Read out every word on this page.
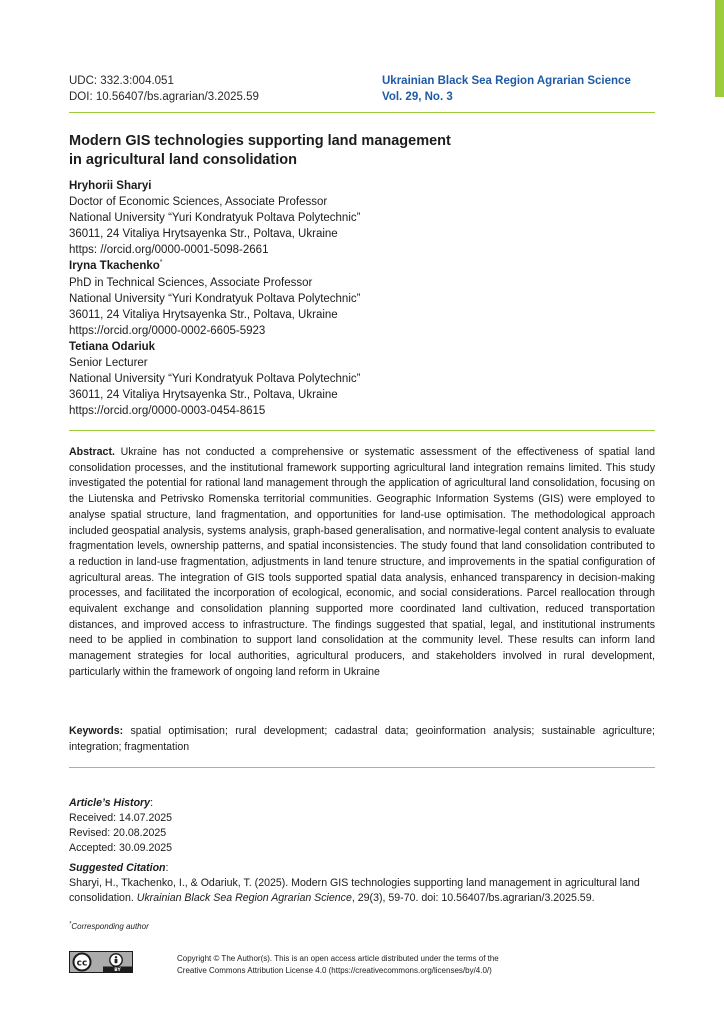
UDC: 332.3:004.051
DOI: 10.56407/bs.agrarian/3.2025.59
Ukrainian Black Sea Region Agrarian Science
Vol. 29, No. 3
Modern GIS technologies supporting land management
in agricultural land consolidation
Hryhorii Sharyi
Doctor of Economic Sciences, Associate Professor
National University “Yuri Kondratyuk Poltava Polytechnic”
36011, 24 Vitaliya Hrytsayenka Str., Poltava, Ukraine
https: //orcid.org/0000-0001-5098-2661
Iryna Tkachenko*
PhD in Technical Sciences, Associate Professor
National University “Yuri Kondratyuk Poltava Polytechnic”
36011, 24 Vitaliya Hrytsayenka Str., Poltava, Ukraine
https://orcid.org/0000-0002-6605-5923
Tetiana Odariuk
Senior Lecturer
National University “Yuri Kondratyuk Poltava Polytechnic”
36011, 24 Vitaliya Hrytsayenka Str., Poltava, Ukraine
https://orcid.org/0000-0003-0454-8615
Abstract. Ukraine has not conducted a comprehensive or systematic assessment of the effectiveness of spatial land consolidation processes, and the institutional framework supporting agricultural land integration remains limited. This study investigated the potential for rational land management through the application of agricultural land consolidation, focusing on the Liutenska and Petrivsko Romenska territorial communities. Geographic Information Systems (GIS) were employed to analyse spatial structure, land fragmentation, and opportunities for land-use optimisation. The methodological approach included geospatial analysis, systems analysis, graph-based generalisation, and normative-legal content analysis to evaluate fragmentation levels, ownership patterns, and spatial inconsistencies. The study found that land consolidation contributed to a reduction in land-use fragmentation, adjustments in land tenure structure, and improvements in the spatial configuration of agricultural areas. The integration of GIS tools supported spatial data analysis, enhanced transparency in decision-making processes, and facilitated the incorporation of ecological, economic, and social considerations. Parcel reallocation through equivalent exchange and consolidation planning supported more coordinated land cultivation, reduced transportation distances, and improved access to infrastructure. The findings suggested that spatial, legal, and institutional instruments need to be applied in combination to support land consolidation at the community level. These results can inform land management strategies for local authorities, agricultural producers, and stakeholders involved in rural development, particularly within the framework of ongoing land reform in Ukraine
Keywords: spatial optimisation; rural development; cadastral data; geoinformation analysis; sustainable agriculture; integration; fragmentation
Article’s History:
Received: 14.07.2025
Revised: 20.08.2025
Accepted: 30.09.2025
Suggested Citation:
Sharyi, H., Tkachenko, I., & Odariuk, T. (2025). Modern GIS technologies supporting land management in agricultural land consolidation. Ukrainian Black Sea Region Agrarian Science, 29(3), 59-70. doi: 10.56407/bs.agrarian/3.2025.59.
*Corresponding author
cc
BY
Copyright © The Author(s). This is an open access article distributed under the terms of the
Creative Commons Attribution License 4.0 (https://creativecommons.org/licenses/by/4.0/)
